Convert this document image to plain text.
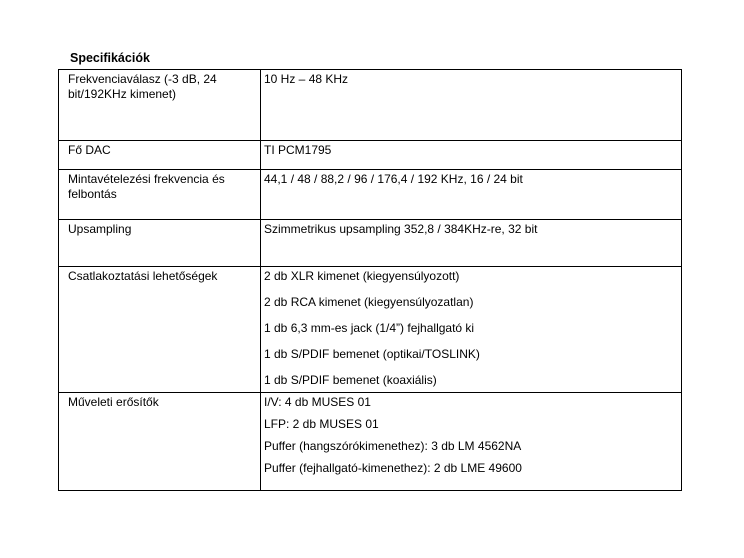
Specifikációk
Frekvenciaválasz (-3 dB, 24 bit/192KHz kimenet)	10 Hz – 48 KHz

Fő DAC	TI PCM1795

Mintavételezési frekvencia és felbontás	44,1 / 48 / 88,2 / 96 / 176,4 / 192 KHz, 16 / 24 bit

Upsampling	Szimmetrikus upsampling 352,8 / 384KHz-re, 32 bit

Csatlakoztatási lehetőségek	2 db XLR kimenet (kiegyensúlyozott)
2 db RCA kimenet (kiegyensúlyozatlan)
1 db 6,3 mm-es jack (1/4”) fejhallgató ki
1 db S/PDIF bemenet (optikai/TOSLINK)
1 db S/PDIF bemenet (koaxiális)

Műveleti erősítők	I/V: 4 db MUSES 01
LFP: 2 db MUSES 01
Puffer (hangszórókimenethez): 3 db LM 4562NA
Puffer (fejhallgató-kimenethez): 2 db LME 49600
